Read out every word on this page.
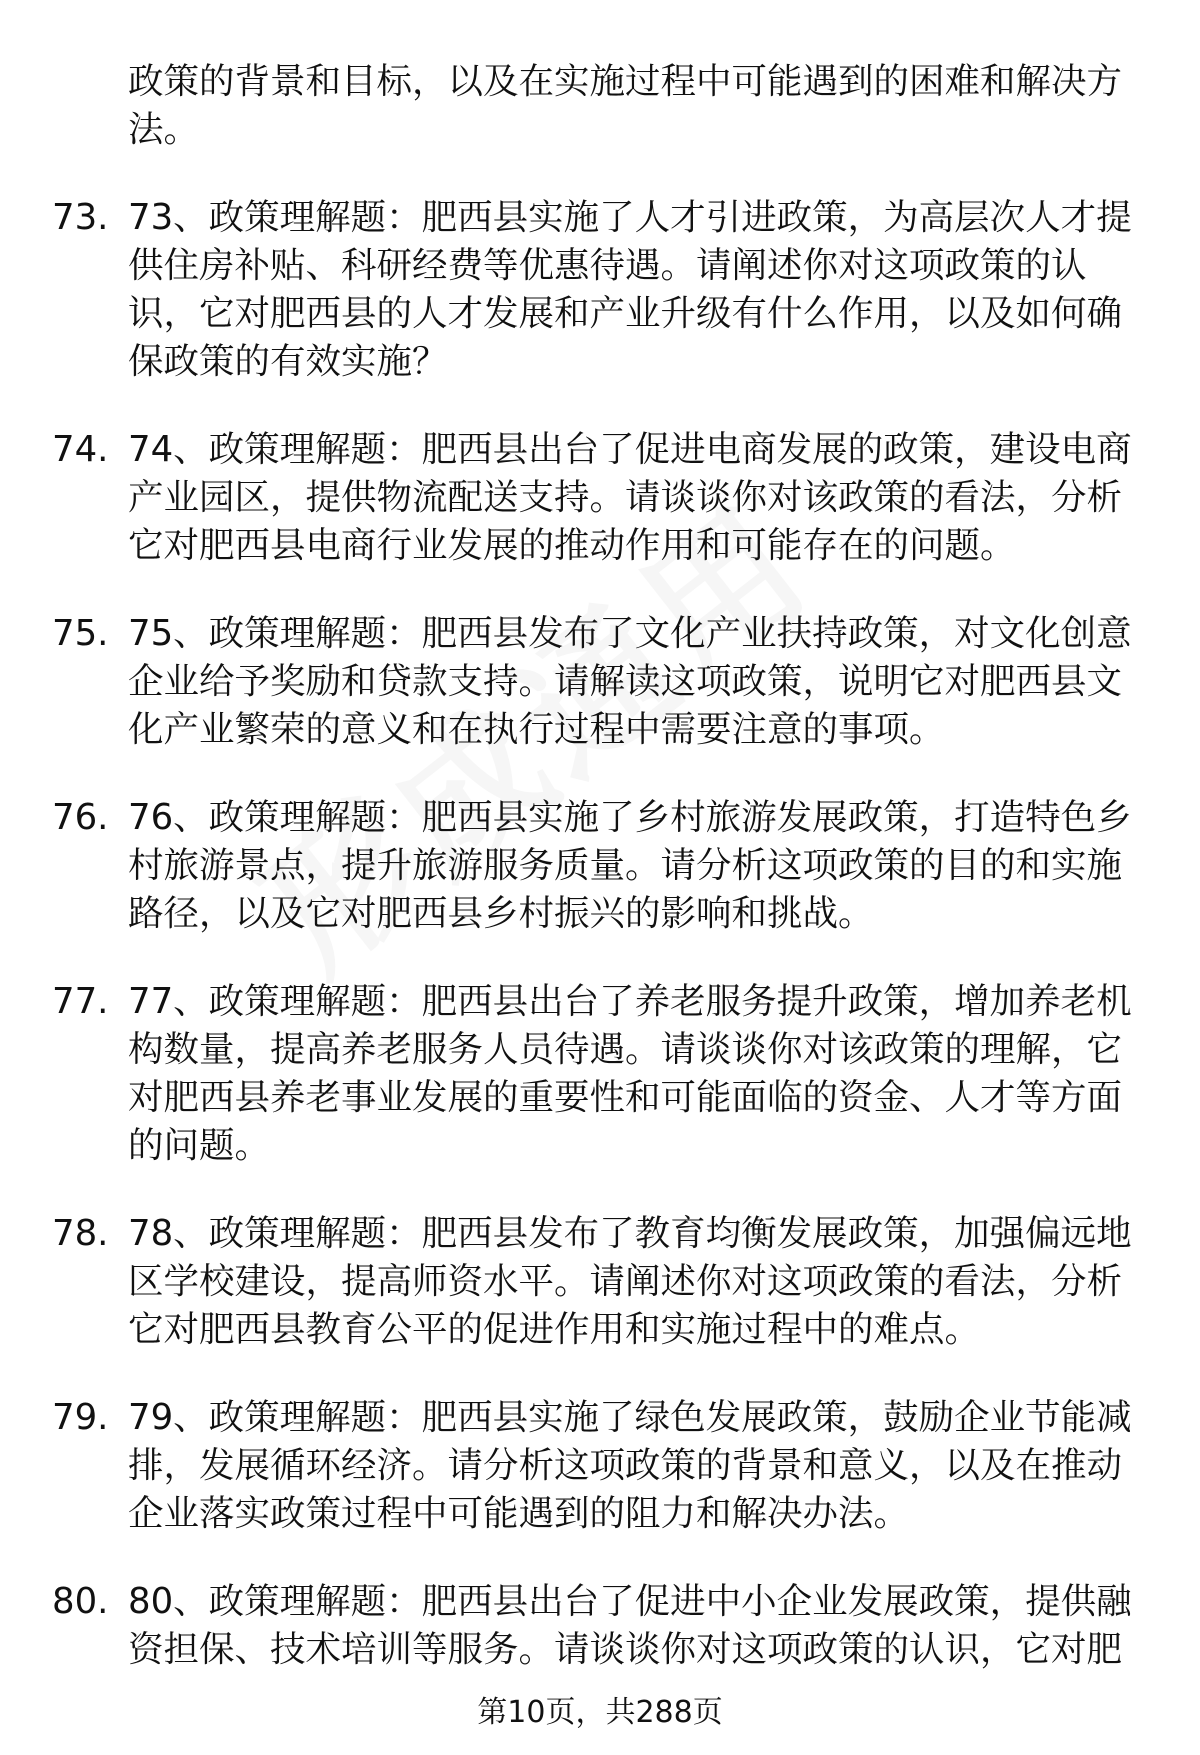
政策的背景和目标，以及在实施过程中可能遇到的困难和解决方法。
73. 73、政策理解题：肥西县实施了人才引进政策，为高层次人才提供住房补贴、科研经费等优惠待遇。请阐述你对这项政策的认识，它对肥西县的人才发展和产业升级有什么作用，以及如何确保政策的有效实施？
74. 74、政策理解题：肥西县出台了促进电商发展的政策，建设电商产业园区，提供物流配送支持。请谈谈你对该政策的看法，分析它对肥西县电商行业发展的推动作用和可能存在的问题。
75. 75、政策理解题：肥西县发布了文化产业扶持政策，对文化创意企业给予奖励和贷款支持。请解读这项政策，说明它对肥西县文化产业繁荣的意义和在执行过程中需要注意的事项。
76. 76、政策理解题：肥西县实施了乡村旅游发展政策，打造特色乡村旅游景点，提升旅游服务质量。请分析这项政策的目的和实施路径，以及它对肥西县乡村振兴的影响和挑战。
77. 77、政策理解题：肥西县出台了养老服务提升政策，增加养老机构数量，提高养老服务人员待遇。请谈谈你对该政策的理解，它对肥西县养老事业发展的重要性和可能面临的资金、人才等方面的问题。
78. 78、政策理解题：肥西县发布了教育均衡发展政策，加强偏远地区学校建设，提高师资水平。请阐述你对这项政策的看法，分析它对肥西县教育公平的促进作用和实施过程中的难点。
79. 79、政策理解题：肥西县实施了绿色发展政策，鼓励企业节能减排，发展循环经济。请分析这项政策的背景和意义，以及在推动企业落实政策过程中可能遇到的阻力和解决办法。
80. 80、政策理解题：肥西县出台了促进中小企业发展政策，提供融资担保、技术培训等服务。请谈谈你对这项政策的认识，它对肥
第10页，共288页
